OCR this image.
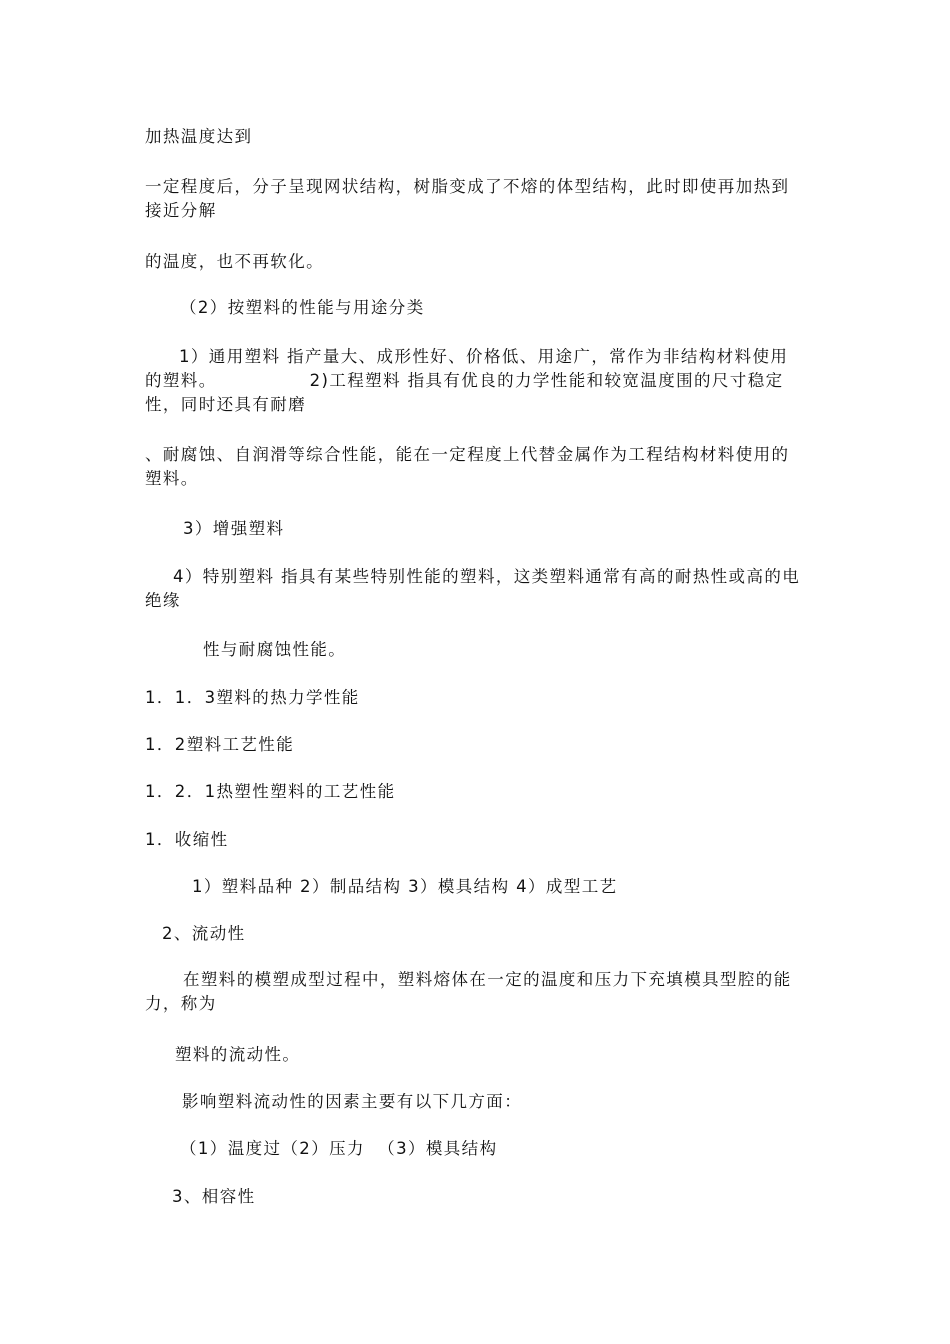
加热温度达到

一定程度后，分子呈现网状结构，树脂变成了不熔的体型结构，此时即使再加热到接近分解

的温度，也不再软化。

（2）按塑料的性能与用途分类

1）通用塑料 指产量大、成形性好、价格低、用途广，常作为非结构材料使用的塑料。              2)工程塑料 指具有优良的力学性能和较宽温度围的尺寸稳定性，同时还具有耐磨

、耐腐蚀、自润滑等综合性能，能在一定程度上代替金属作为工程结构材料使用的塑料。

3）增强塑料

4）特别塑料 指具有某些特别性能的塑料，这类塑料通常有高的耐热性或高的电绝缘

性与耐腐蚀性能。

1．1．3塑料的热力学性能

1．2塑料工艺性能

1．2．1热塑性塑料的工艺性能

1．收缩性

1）塑料品种 2）制品结构 3）模具结构 4）成型工艺

2、流动性

在塑料的模塑成型过程中，塑料熔体在一定的温度和压力下充填模具型腔的能力，称为

塑料的流动性。

影响塑料流动性的因素主要有以下几方面：

（1）温度过（2）压力  （3）模具结构

3、相容性
